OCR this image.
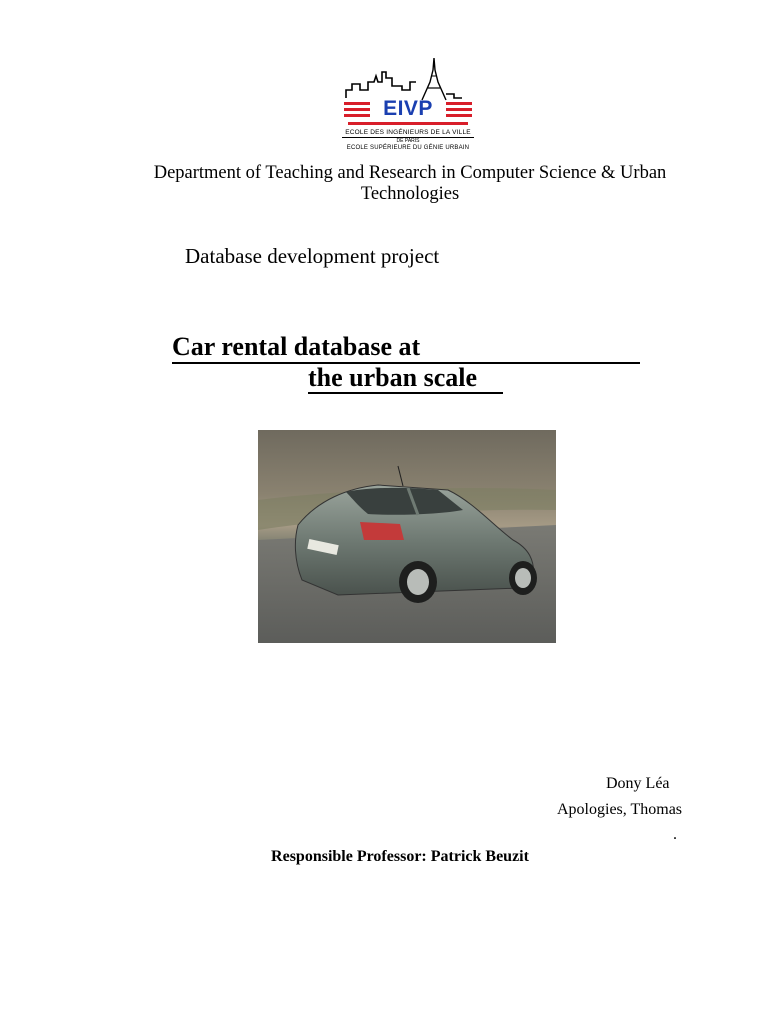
EIVP
ECOLE DES INGÉNIEURS DE LA VILLE
DE PARIS
ECOLE SUPÉRIEURE DU GÉNIE URBAIN
Department of Teaching and Research in Computer Science & Urban Technologies
Database development project
Car rental database at
the urban scale
Dony Léa
Apologies, Thomas
.
Responsible Professor: Patrick Beuzit
